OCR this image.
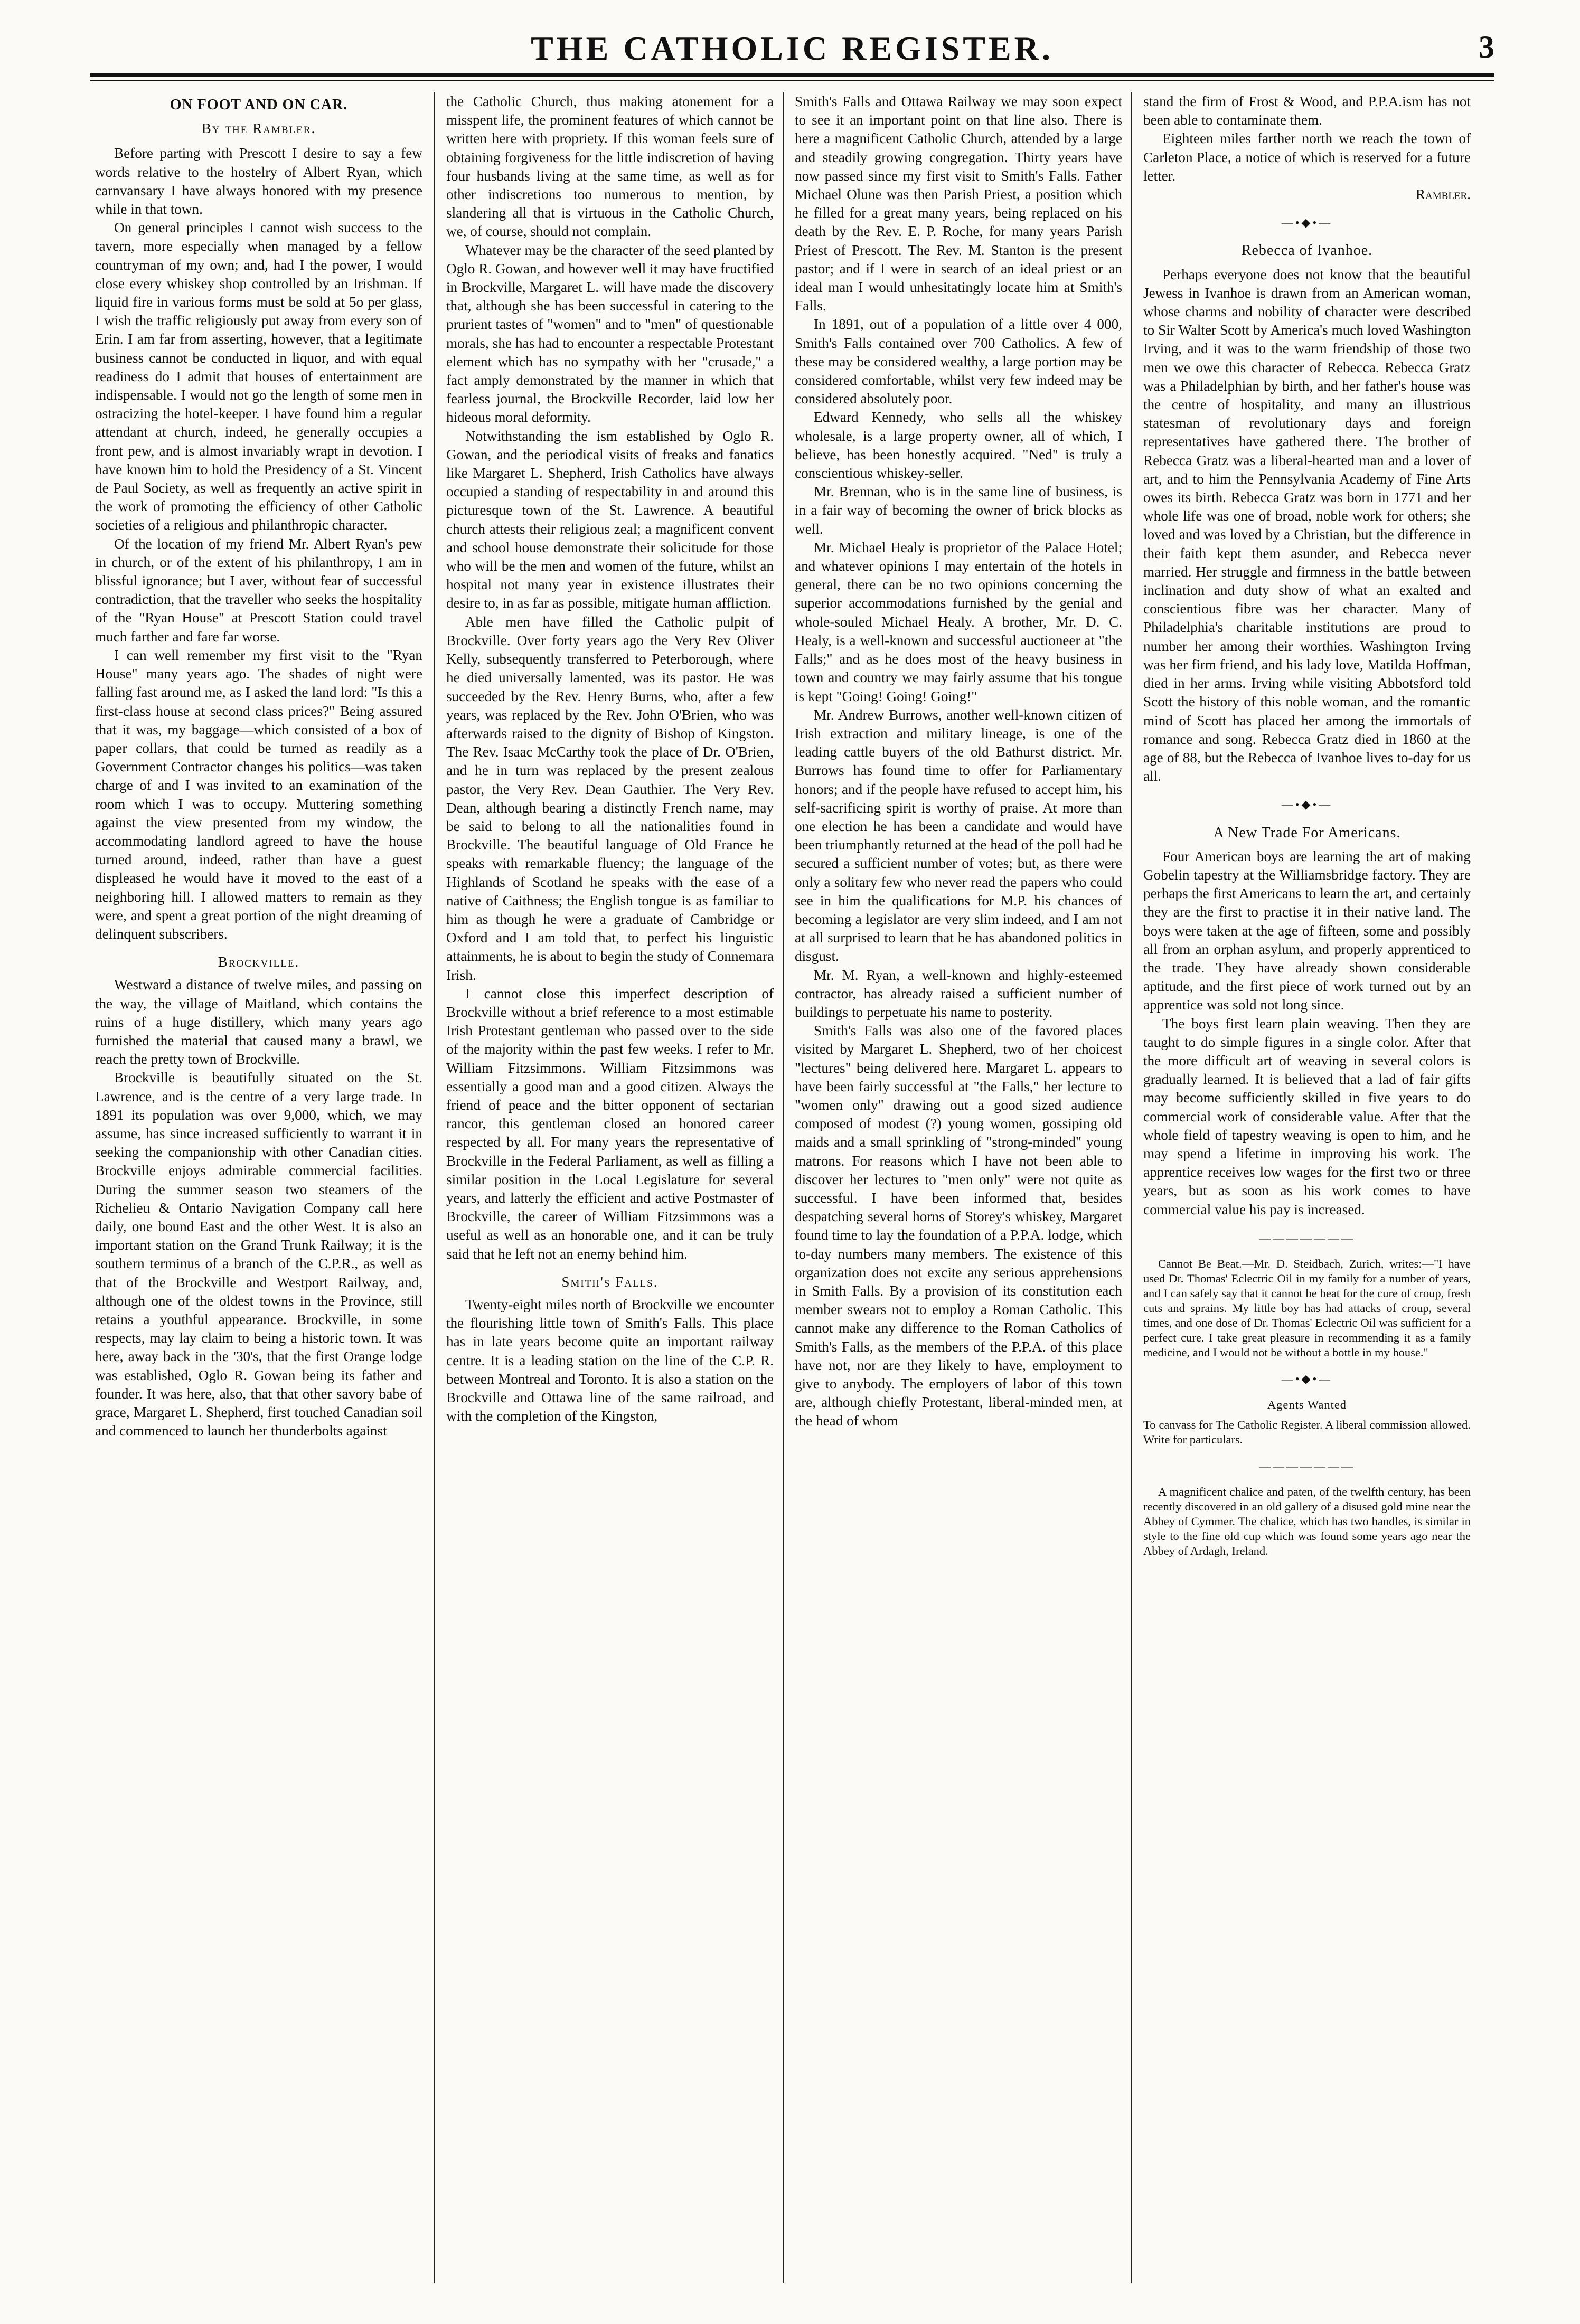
THE CATHOLIC REGISTER.	3
ON FOOT AND ON CAR.
By the Rambler.

Before parting with Prescott I desire to say a few words relative to the hostelry of Albert Ryan, which carnvansary I have always honored with my presence while in that town.

On general principles I cannot wish success to the tavern, more especially when managed by a fellow countryman of my own; and, had I the power, I would close every whiskey shop controlled by an Irishman. If liquid fire in various forms must be sold at 5o per glass, I wish the traffic religiously put away from every son of Erin. I am far from asserting, however, that a legitimate business cannot be conducted in liquor, and with equal readiness do I admit that houses of entertainment are indispensable. I would not go the length of some men in ostracizing the hotel-keeper. I have found him a regular attendant at church, indeed, he generally occupies a front pew, and is almost invariably wrapt in devotion. I have known him to hold the Presidency of a St. Vincent de Paul Society, as well as frequently an active spirit in the work of promoting the efficiency of other Catholic societies of a religious and philanthropic character.

Of the location of my friend Mr. Albert Ryan's pew in church, or of the extent of his philanthropy, I am in blissful ignorance; but I aver, without fear of successful contradiction, that the traveller who seeks the hospitality of the "Ryan House" at Prescott Station could travel much farther and fare far worse.

I can well remember my first visit to the "Ryan House" many years ago. The shades of night were falling fast around me, as I asked the land lord: "Is this a first-class house at second class prices?" Being assured that it was, my baggage—which consisted of a box of paper collars, that could be turned as readily as a Government Contractor changes his politics—was taken charge of and I was invited to an examination of the room which I was to occupy. Muttering something against the view presented from my window, the accommodating landlord agreed to have the house turned around, indeed, rather than have a guest displeased he would have it moved to the east of a neighboring hill. I allowed matters to remain as they were, and spent a great portion of the night dreaming of delinquent subscribers.

Brockville.

Westward a distance of twelve miles, and passing on the way, the village of Maitland, which contains the ruins of a huge distillery, which many years ago furnished the material that caused many a brawl, we reach the pretty town of Brockville.

Brockville is beautifully situated on the St. Lawrence, and is the centre of a very large trade. In 1891 its population was over 9,000, which, we may assume, has since increased sufficiently to warrant it in seeking the companionship with other Canadian cities. Brockville enjoys admirable commercial facilities. During the summer season two steamers of the Richelieu & Ontario Navigation Company call here daily, one bound East and the other West. It is also an important station on the Grand Trunk Railway; it is the southern terminus of a branch of the C.P.R., as well as that of the Brockville and Westport Railway, and, although one of the oldest towns in the Province, still retains a youthful appearance. Brockville, in some respects, may lay claim to being a historic town. It was here, away back in the '30's, that the first Orange lodge was established, Oglo R. Gowan being its father and founder. It was here, also, that that other savory babe of grace, Margaret L. Shepherd, first touched Canadian soil and commenced to launch her thunderbolts against

the Catholic Church, thus making atonement for a misspent life, the prominent features of which cannot be written here with propriety. If this woman feels sure of obtaining forgiveness for the little indiscretion of having four husbands living at the same time, as well as for other indiscretions too numerous to mention, by slandering all that is virtuous in the Catholic Church, we, of course, should not complain.

Whatever may be the character of the seed planted by Oglo R. Gowan, and however well it may have fructified in Brockville, Margaret L. will have made the discovery that, although she has been successful in catering to the prurient tastes of "women" and to "men" of questionable morals, she has had to encounter a respectable Protestant element which has no sympathy with her "crusade," a fact amply demonstrated by the manner in which that fearless journal, the Brockville Recorder, laid low her hideous moral deformity.

Notwithstanding the ism established by Oglo R. Gowan, and the periodical visits of freaks and fanatics like Margaret L. Shepherd, Irish Catholics have always occupied a standing of respectability in and around this picturesque town of the St. Lawrence. A beautiful church attests their religious zeal; a magnificent convent and school house demonstrate their solicitude for those who will be the men and women of the future, whilst an hospital not many year in existence illustrates their desire to, in as far as possible, mitigate human affliction.

Able men have filled the Catholic pulpit of Brockville. Over forty years ago the Very Rev Oliver Kelly, subsequently transferred to Peterborough, where he died universally lamented, was its pastor. He was succeeded by the Rev. Henry Burns, who, after a few years, was replaced by the Rev. John O'Brien, who was afterwards raised to the dignity of Bishop of Kingston. The Rev. Isaac McCarthy took the place of Dr. O'Brien, and he in turn was replaced by the present zealous pastor, the Very Rev. Dean Gauthier. The Very Rev. Dean, although bearing a distinctly French name, may be said to belong to all the nationalities found in Brockville. The beautiful language of Old France he speaks with remarkable fluency; the language of the Highlands of Scotland he speaks with the ease of a native of Caithness; the English tongue is as familiar to him as though he were a graduate of Cambridge or Oxford and I am told that, to perfect his linguistic attainments, he is about to begin the study of Connemara Irish.

I cannot close this imperfect description of Brockville without a brief reference to a most estimable Irish Protestant gentleman who passed over to the side of the majority within the past few weeks. I refer to Mr. William Fitzsimmons. William Fitzsimmons was essentially a good man and a good citizen. Always the friend of peace and the bitter opponent of sectarian rancor, this gentleman closed an honored career respected by all. For many years the representative of Brockville in the Federal Parliament, as well as filling a similar position in the Local Legislature for several years, and latterly the efficient and active Postmaster of Brockville, the career of William Fitzsimmons was a useful as well as an honorable one, and it can be truly said that he left not an enemy behind him.

Smith's Falls.

Twenty-eight miles north of Brockville we encounter the flourishing little town of Smith's Falls. This place has in late years become quite an important railway centre. It is a leading station on the line of the C.P. R. between Montreal and Toronto. It is also a station on the Brockville and Ottawa line of the same railroad, and with the completion of the Kingston,

Smith's Falls and Ottawa Railway we may soon expect to see it an important point on that line also. There is here a magnificent Catholic Church, attended by a large and steadily growing congregation. Thirty years have now passed since my first visit to Smith's Falls. Father Michael Olune was then Parish Priest, a position which he filled for a great many years, being replaced on his death by the Rev. E. P. Roche, for many years Parish Priest of Prescott. The Rev. M. Stanton is the present pastor; and if I were in search of an ideal priest or an ideal man I would unhesitatingly locate him at Smith's Falls.

In 1891, out of a population of a little over 4 000, Smith's Falls contained over 700 Catholics. A few of these may be considered wealthy, a large portion may be considered comfortable, whilst very few indeed may be considered absolutely poor.

Edward Kennedy, who sells all the whiskey wholesale, is a large property owner, all of which, I believe, has been honestly acquired. "Ned" is truly a conscientious whiskey-seller.

Mr. Brennan, who is in the same line of business, is in a fair way of becoming the owner of brick blocks as well.

Mr. Michael Healy is proprietor of the Palace Hotel; and whatever opinions I may entertain of the hotels in general, there can be no two opinions concerning the superior accommodations furnished by the genial and whole-souled Michael Healy. A brother, Mr. D. C. Healy, is a well-known and successful auctioneer at "the Falls;" and as he does most of the heavy business in town and country we may fairly assume that his tongue is kept "Going! Going! Going!"

Mr. Andrew Burrows, another well-known citizen of Irish extraction and military lineage, is one of the leading cattle buyers of the old Bathurst district. Mr. Burrows has found time to offer for Parliamentary honors; and if the people have refused to accept him, his self-sacrificing spirit is worthy of praise. At more than one election he has been a candidate and would have been triumphantly returned at the head of the poll had he secured a sufficient number of votes; but, as there were only a solitary few who never read the papers who could see in him the qualifications for M.P. his chances of becoming a legislator are very slim indeed, and I am not at all surprised to learn that he has abandoned politics in disgust.

Mr. M. Ryan, a well-known and highly-esteemed contractor, has already raised a sufficient number of buildings to perpetuate his name to posterity.

Smith's Falls was also one of the favored places visited by Margaret L. Shepherd, two of her choicest "lectures" being delivered here. Margaret L. appears to have been fairly successful at "the Falls," her lecture to "women only" drawing out a good sized audience composed of modest (?) young women, gossiping old maids and a small sprinkling of "strong-minded" young matrons. For reasons which I have not been able to discover her lectures to "men only" were not quite as successful. I have been informed that, besides despatching several horns of Storey's whiskey, Margaret found time to lay the foundation of a P.P.A. lodge, which to-day numbers many members. The existence of this organization does not excite any serious apprehensions in Smith Falls. By a provision of its constitution each member swears not to employ a Roman Catholic. This cannot make any difference to the Roman Catholics of Smith's Falls, as the members of the P.P.A. of this place have not, nor are they likely to have, employment to give to anybody. The employers of labor of this town are, although chiefly Protestant, liberal-minded men, at the head of whom

stand the firm of Frost & Wood, and P.P.A.ism has not been able to contaminate them.

Eighteen miles farther north we reach the town of Carleton Place, a notice of which is reserved for a future letter.

Rambler.
—•◆•—
Rebecca of Ivanhoe.

Perhaps everyone does not know that the beautiful Jewess in Ivanhoe is drawn from an American woman, whose charms and nobility of character were described to Sir Walter Scott by America's much loved Washington Irving, and it was to the warm friendship of those two men we owe this character of Rebecca. Rebecca Gratz was a Philadelphian by birth, and her father's house was the centre of hospitality, and many an illustrious statesman of revolutionary days and foreign representatives have gathered there. The brother of Rebecca Gratz was a liberal-hearted man and a lover of art, and to him the Pennsylvania Academy of Fine Arts owes its birth. Rebecca Gratz was born in 1771 and her whole life was one of broad, noble work for others; she loved and was loved by a Christian, but the difference in their faith kept them asunder, and Rebecca never married. Her struggle and firmness in the battle between inclination and duty show of what an exalted and conscientious fibre was her character. Many of Philadelphia's charitable institutions are proud to number her among their worthies. Washington Irving was her firm friend, and his lady love, Matilda Hoffman, died in her arms. Irving while visiting Abbotsford told Scott the history of this noble woman, and the romantic mind of Scott has placed her among the immortals of romance and song. Rebecca Gratz died in 1860 at the age of 88, but the Rebecca of Ivanhoe lives to-day for us all.

—•◆•—
A New Trade For Americans.

Four American boys are learning the art of making Gobelin tapestry at the Williamsbridge factory. They are perhaps the first Americans to learn the art, and certainly they are the first to practise it in their native land. The boys were taken at the age of fifteen, some and possibly all from an orphan asylum, and properly apprenticed to the trade. They have already shown considerable aptitude, and the first piece of work turned out by an apprentice was sold not long since.

The boys first learn plain weaving. Then they are taught to do simple figures in a single color. After that the more difficult art of weaving in several colors is gradually learned. It is believed that a lad of fair gifts may become sufficiently skilled in five years to do commercial work of considerable value. After that the whole field of tapestry weaving is open to him, and he may spend a lifetime in improving his work. The apprentice receives low wages for the first two or three years, but as soon as his work comes to have commercial value his pay is increased.

———————

Cannot Be Beat.—Mr. D. Steidbach, Zurich, writes:—"I have used Dr. Thomas' Eclectric Oil in my family for a number of years, and I can safely say that it cannot be beat for the cure of croup, fresh cuts and sprains. My little boy has had attacks of croup, several times, and one dose of Dr. Thomas' Eclectric Oil was sufficient for a perfect cure. I take great pleasure in recommending it as a family medicine, and I would not be without a bottle in my house."

—•◆•—
Agents Wanted

To canvass for The Catholic Register. A liberal commission allowed. Write for particulars.

———————

A magnificent chalice and paten, of the twelfth century, has been recently discovered in an old gallery of a disused gold mine near the Abbey of Cymmer. The chalice, which has two handles, is similar in style to the fine old cup which was found some years ago near the Abbey of Ardagh, Ireland.
